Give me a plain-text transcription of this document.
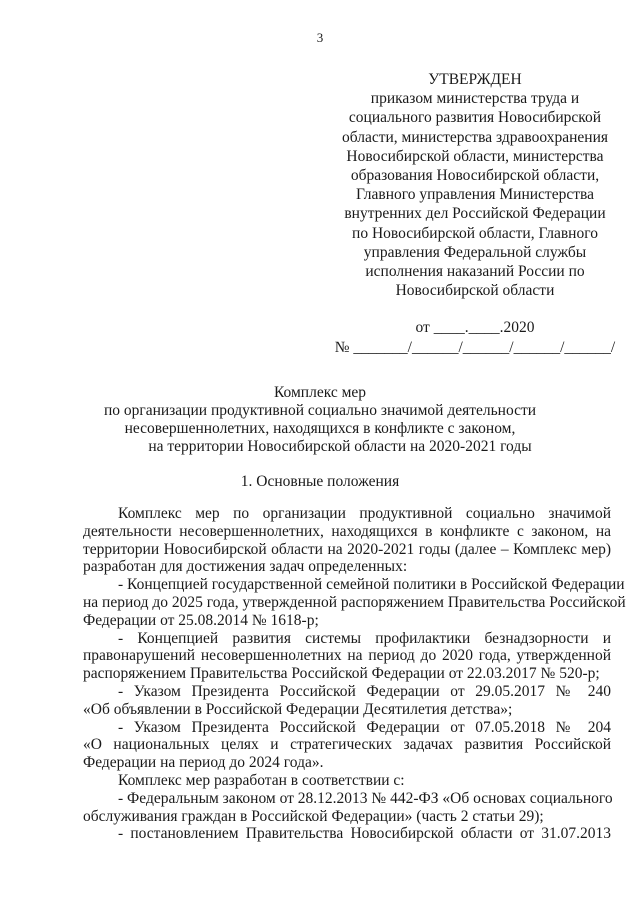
3
УТВЕРЖДЕН
приказом министерства труда и
социального развития Новосибирской
области, министерства здравоохранения
Новосибирской области, министерства
образования Новосибирской области,
Главного управления Министерства
внутренних дел Российской Федерации
по Новосибирской области, Главного
управления Федеральной службы
исполнения наказаний России по
Новосибирской области
от ____.____.2020
№ _______/______/______/______/______/
Комплекс мер
по организации продуктивной социально значимой деятельности
несовершеннолетних, находящихся в конфликте с законом,
на территории Новосибирской области на 2020-2021 годы
1. Основные положения
Комплекс мер по организации продуктивной социально значимой
деятельности несовершеннолетних, находящихся в конфликте с законом, на
территории Новосибирской области на 2020-2021 годы (далее – Комплекс мер)
разработан для достижения задач определенных:
- Концепцией государственной семейной политики в Российской Федерации
на период до 2025 года, утвержденной распоряжением Правительства Российской
Федерации от 25.08.2014 № 1618-р;
- Концепцией развития системы профилактики безнадзорности и
правонарушений несовершеннолетних на период до 2020 года, утвержденной
распоряжением Правительства Российской Федерации от 22.03.2017 № 520-р;
- Указом Президента Российской Федерации от 29.05.2017 № 240
«Об объявлении в Российской Федерации Десятилетия детства»;
- Указом Президента Российской Федерации от 07.05.2018 № 204
«О национальных целях и стратегических задачах развития Российской
Федерации на период до 2024 года».
Комплекс мер разработан в соответствии с:
- Федеральным законом от 28.12.2013 № 442-ФЗ «Об основах социального
обслуживания граждан в Российской Федерации» (часть 2 статьи 29);
- постановлением Правительства Новосибирской области от 31.07.2013
